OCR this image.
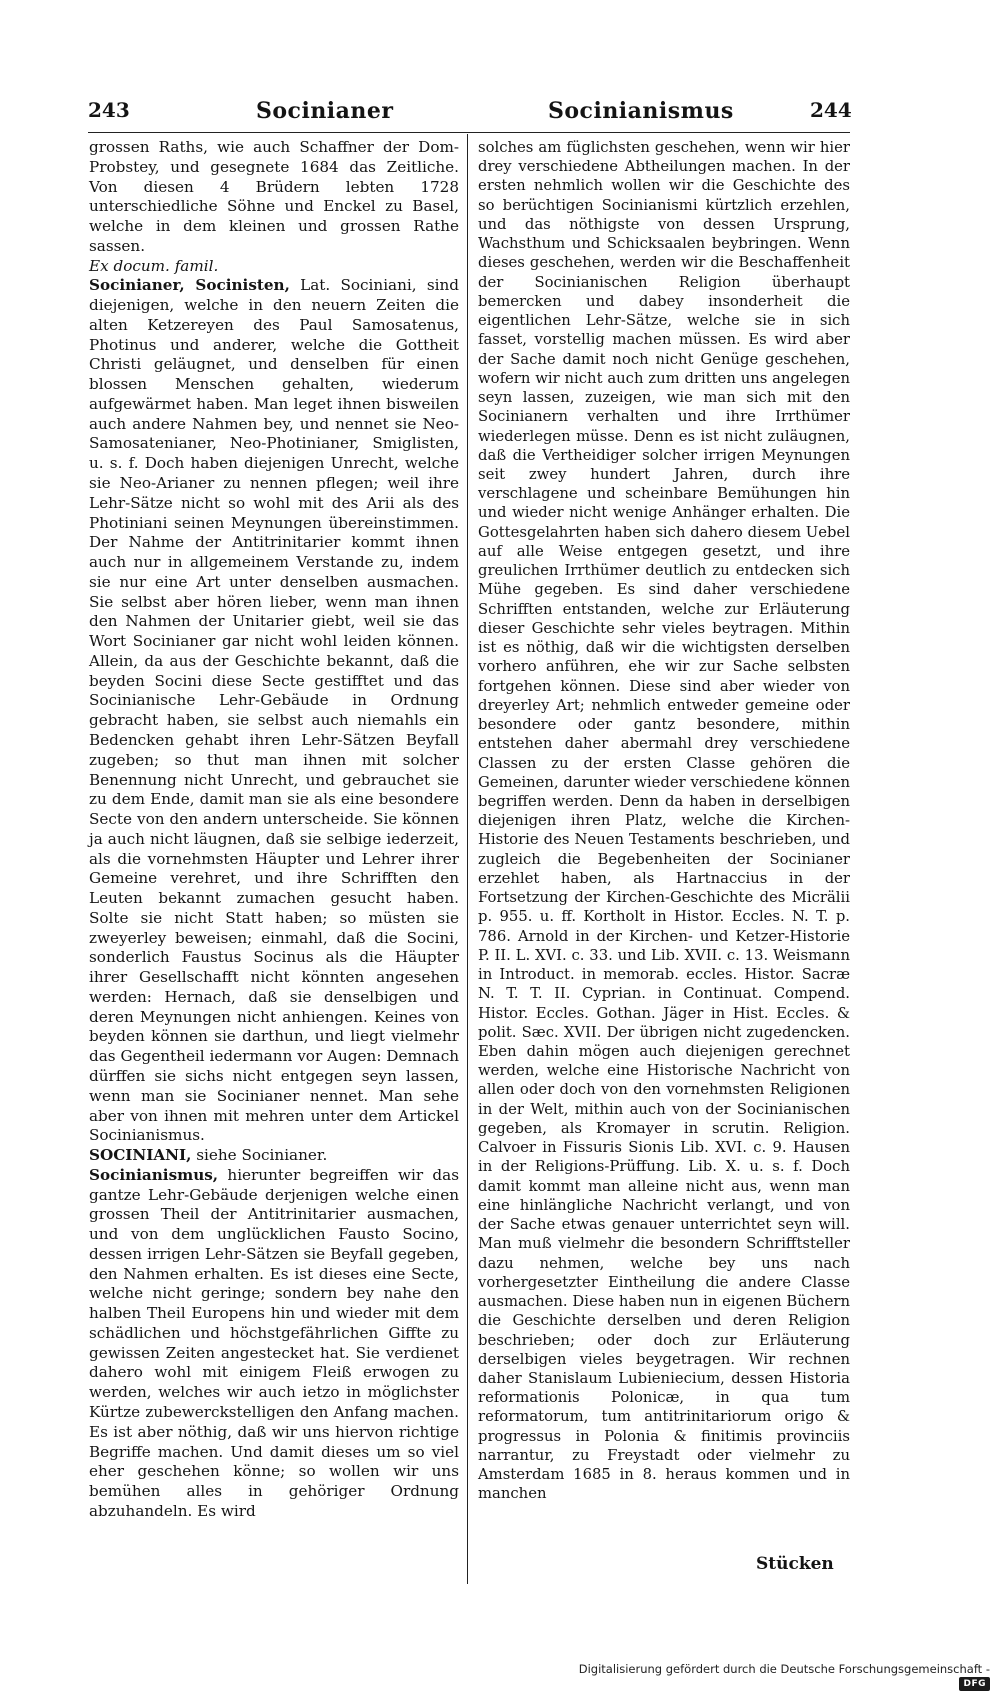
243	Socinianer	Socinianismus	244

grossen Raths, wie auch Schaffner der Dom-Probstey, und gesegnete 1684 das Zeitliche. Von diesen 4 Brüdern lebten 1728 unterschiedliche Söhne und Enckel zu Basel, welche in dem kleinen und grossen Rathe sassen.

Ex docum. famil.

Socinianer, Socinisten, Lat. Sociniani, sind diejenigen, welche in den neuern Zeiten die alten Ketzereyen des Paul Samosatenus, Photinus und anderer, welche die Gottheit Christi geläugnet, und denselben für einen blossen Menschen gehalten, wiederum aufgewärmet haben. Man leget ihnen bisweilen auch andere Nahmen bey, und nennet sie Neo-Samosatenianer, Neo-Photinianer, Smiglisten, u. s. f. Doch haben diejenigen Unrecht, welche sie Neo-Arianer zu nennen pflegen; weil ihre Lehr-Sätze nicht so wohl mit des Arii als des Photiniani seinen Meynungen übereinstimmen. Der Nahme der Antitrinitarier kommt ihnen auch nur in allgemeinem Verstande zu, indem sie nur eine Art unter denselben ausmachen. Sie selbst aber hören lieber, wenn man ihnen den Nahmen der Unitarier giebt, weil sie das Wort Socinianer gar nicht wohl leiden können. Allein, da aus der Geschichte bekannt, daß die beyden Socini diese Secte gestifftet und das Socinianische Lehr-Gebäude in Ordnung gebracht haben, sie selbst auch niemahls ein Bedencken gehabt ihren Lehr-Sätzen Beyfall zugeben; so thut man ihnen mit solcher Benennung nicht Unrecht, und gebrauchet sie zu dem Ende, damit man sie als eine besondere Secte von den andern unterscheide. Sie können ja auch nicht läugnen, daß sie selbige iederzeit, als die vornehmsten Häupter und Lehrer ihrer Gemeine verehret, und ihre Schrifften den Leuten bekannt zumachen gesucht haben. Solte sie nicht Statt haben; so müsten sie zweyerley beweisen; einmahl, daß die Socini, sonderlich Faustus Socinus als die Häupter ihrer Gesellschafft nicht könnten angesehen werden: Hernach, daß sie denselbigen und deren Meynungen nicht anhiengen. Keines von beyden können sie darthun, und liegt vielmehr das Gegentheil iedermann vor Augen: Demnach dürffen sie sichs nicht entgegen seyn lassen, wenn man sie Socinianer nennet. Man sehe aber von ihnen mit mehren unter dem Artickel Socinianismus.

SOCINIANI, siehe Socinianer.

Socinianismus, hierunter begreiffen wir das gantze Lehr-Gebäude derjenigen welche einen grossen Theil der Antitrinitarier ausmachen, und von dem unglücklichen Fausto Socino, dessen irrigen Lehr-Sätzen sie Beyfall gegeben, den Nahmen erhalten. Es ist dieses eine Secte, welche nicht geringe; sondern bey nahe den halben Theil Europens hin und wieder mit dem schädlichen und höchstgefährlichen Giffte zu gewissen Zeiten angestecket hat. Sie verdienet dahero wohl mit einigem Fleiß erwogen zu werden, welches wir auch ietzo in möglichster Kürtze zubewerckstelligen den Anfang machen. Es ist aber nöthig, daß wir uns hiervon richtige Begriffe machen. Und damit dieses um so viel eher geschehen könne; so wollen wir uns bemühen alles in gehöriger Ordnung abzuhandeln. Es wird

solches am füglichsten geschehen, wenn wir hier drey verschiedene Abtheilungen machen. In der ersten nehmlich wollen wir die Geschichte des so berüchtigen Socinianismi kürtzlich erzehlen, und das nöthigste von dessen Ursprung, Wachsthum und Schicksaalen beybringen. Wenn dieses geschehen, werden wir die Beschaffenheit der Socinianischen Religion überhaupt bemercken und dabey insonderheit die eigentlichen Lehr-Sätze, welche sie in sich fasset, vorstellig machen müssen. Es wird aber der Sache damit noch nicht Genüge geschehen, wofern wir nicht auch zum dritten uns angelegen seyn lassen, zuzeigen, wie man sich mit den Socinianern verhalten und ihre Irrthümer wiederlegen müsse. Denn es ist nicht zuläugnen, daß die Vertheidiger solcher irrigen Meynungen seit zwey hundert Jahren, durch ihre verschlagene und scheinbare Bemühungen hin und wieder nicht wenige Anhänger erhalten. Die Gottesgelahrten haben sich dahero diesem Uebel auf alle Weise entgegen gesetzt, und ihre greulichen Irrthümer deutlich zu entdecken sich Mühe gegeben. Es sind daher verschiedene Schrifften entstanden, welche zur Erläuterung dieser Geschichte sehr vieles beytragen. Mithin ist es nöthig, daß wir die wichtigsten derselben vorhero anführen, ehe wir zur Sache selbsten fortgehen können. Diese sind aber wieder von dreyerley Art; nehmlich entweder gemeine oder besondere oder gantz besondere, mithin entstehen daher abermahl drey verschiedene Classen zu der ersten Classe gehören die Gemeinen, darunter wieder verschiedene können begriffen werden. Denn da haben in derselbigen diejenigen ihren Platz, welche die Kirchen-Historie des Neuen Testaments beschrieben, und zugleich die Begebenheiten der Socinianer erzehlet haben, als Hartnaccius in der Fortsetzung der Kirchen-Geschichte des Micrälii p. 955. u. ff. Kortholt in Histor. Eccles. N. T. p. 786. Arnold in der Kirchen- und Ketzer-Historie P. II. L. XVI. c. 33. und Lib. XVII. c. 13. Weismann in Introduct. in memorab. eccles. Histor. Sacræ N. T. T. II. Cyprian. in Continuat. Compend. Histor. Eccles. Gothan. Jäger in Hist. Eccles. & polit. Sæc. XVII. Der übrigen nicht zugedencken. Eben dahin mögen auch diejenigen gerechnet werden, welche eine Historische Nachricht von allen oder doch von den vornehmsten Religionen in der Welt, mithin auch von der Socinianischen gegeben, als Kromayer in scrutin. Religion. Calvoer in Fissuris Sionis Lib. XVI. c. 9. Hausen in der Religions-Prüffung. Lib. X. u. s. f. Doch damit kommt man alleine nicht aus, wenn man eine hinlängliche Nachricht verlangt, und von der Sache etwas genauer unterrichtet seyn will. Man muß vielmehr die besondern Schrifftsteller dazu nehmen, welche bey uns nach vorhergesetzter Eintheilung die andere Classe ausmachen. Diese haben nun in eigenen Büchern die Geschichte derselben und deren Religion beschrieben; oder doch zur Erläuterung derselbigen vieles beygetragen. Wir rechnen daher Stanislaum Lubieniecium, dessen Historia reformationis Polonicæ, in qua tum reformatorum, tum antitrinitariorum origo & progressus in Polonia & finitimis provinciis narrantur, zu Freystadt oder vielmehr zu Amsterdam 1685 in 8. heraus kommen und in manchen

Stücken
Digitalisierung gefördert durch die Deutsche Forschungsgemeinschaft - DFG
